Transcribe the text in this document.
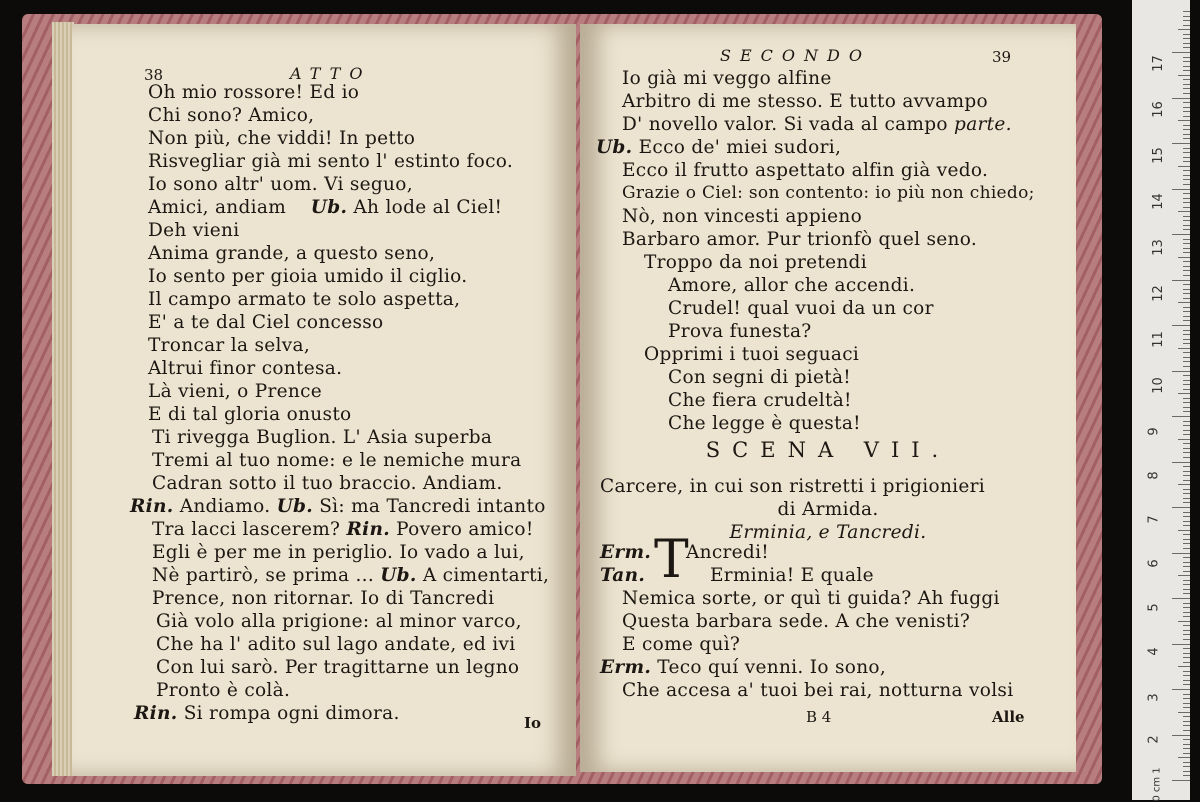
38	ATTO
Oh mio rossore! Ed io
Chi sono? Amico,
Non più, che viddi! In petto
Risvegliar già mi sento l' estinto foco.
Io sono altr' uom. Vi seguo,
Amici, andiam Ub. Ah lode al Ciel!
Deh vieni
Anima grande, a questo seno,
Io sento per gioia umido il ciglio.
Il campo armato te solo aspetta,
E' a te dal Ciel concesso
Troncar la selva,
Altrui finor contesa.
Là vieni, o Prence
E di tal gloria onusto
Ti rivegga Buglion. L' Asia superba
Tremi al tuo nome: e le nemiche mura
Cadran sotto il tuo braccio. Andiam.
Rin. Andiamo. Ub. Sì: ma Tancredi intanto
Tra lacci lascerem? Rin. Povero amico!
Egli è per me in periglio. Io vado a lui,
Nè partirò, se prima ... Ub. A cimentarti,
Prence, non ritornar. Io di Tancredi
Già volo alla prigione: al minor varco,
Che ha l' adito sul lago andate, ed ivi
Con lui sarò. Per tragittarne un legno
Pronto è colà.
Rin. Si rompa ogni dimora.	Io
SECONDO	39
Io già mi veggo alfine
Arbitro di me stesso. E tutto avvampo
D' novello valor. Si vada al campo parte.
Ub. Ecco de' miei sudori,
Ecco il frutto aspettato alfin già vedo.
Grazie o Ciel: son contento: io più non chiedo;
Nò, non vincesti appieno
Barbaro amor. Pur trionfò quel seno.
Troppo da noi pretendi
Amore, allor che accendi.
Crudel! qual vuoi da un cor
Prova funesta?
Opprimi i tuoi seguaci
Con segni di pietà!
Che fiera crudeltà!
Che legge è questa!
SCENA VII.
Carcere, in cui son ristretti i prigionieri
di Armida.
Erminia, e Tancredi.
Erm. T
Ancredi!
Tan.	Erminia! E quale
Nemica sorte, or quì ti guida? Ah fuggi
Questa barbara sede. A che venisti?
E come quì?
Erm. Teco quí venni. Io sono,
Che accesa a' tuoi bei rai, notturna volsi
B 4	Alle
0 cm 1
2
3
4
5
6
7
8
9
10
11
12
13
14
15
16
17
